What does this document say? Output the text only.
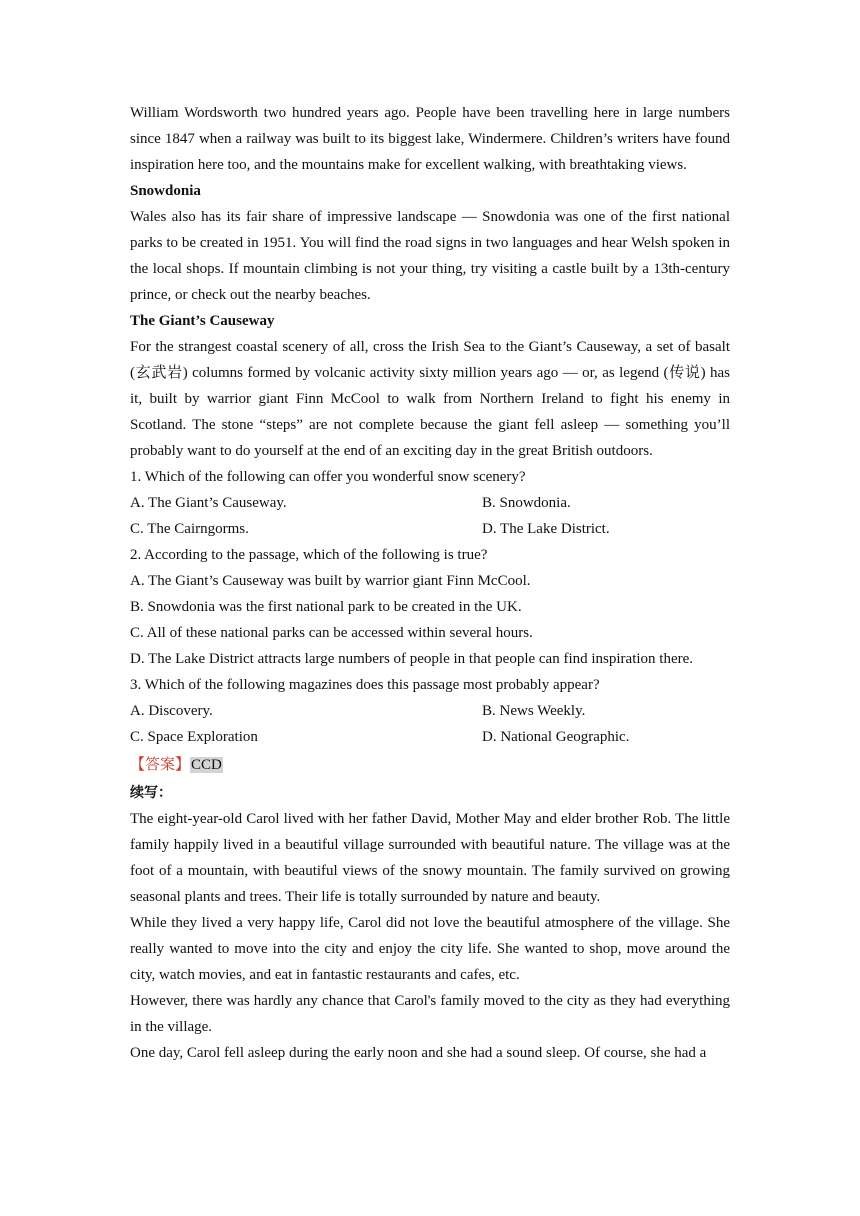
William Wordsworth two hundred years ago. People have been travelling here in large numbers since 1847 when a railway was built to its biggest lake, Windermere. Children’s writers have found inspiration here too, and the mountains make for excellent walking, with breathtaking views.

Snowdonia

Wales also has its fair share of impressive landscape — Snowdonia was one of the first national parks to be created in 1951. You will find the road signs in two languages and hear Welsh spoken in the local shops. If mountain climbing is not your thing, try visiting a castle built by a 13th-century prince, or check out the nearby beaches.

The Giant’s Causeway

For the strangest coastal scenery of all, cross the Irish Sea to the Giant’s Causeway, a set of basalt (玄武岩) columns formed by volcanic activity sixty million years ago — or, as legend (传说) has it, built by warrior giant Finn McCool to walk from Northern Ireland to fight his enemy in Scotland. The stone “steps” are not complete because the giant fell asleep — something you’ll probably want to do yourself at the end of an exciting day in the great British outdoors.

1. Which of the following can offer you wonderful snow scenery?

A. The Giant’s Causeway.	B. Snowdonia.
C. The Cairngorms.	D. The Lake District.

2. According to the passage, which of the following is true?

A. The Giant’s Causeway was built by warrior giant Finn McCool.

B. Snowdonia was the first national park to be created in the UK.

C. All of these national parks can be accessed within several hours.

D. The Lake District attracts large numbers of people in that people can find inspiration there.

3. Which of the following magazines does this passage most probably appear?

A. Discovery.	B. News Weekly.
C. Space Exploration	D. National Geographic.
【答案】CCD

续写：

The eight-year-old Carol lived with her father David, Mother May and elder brother Rob. The little family happily lived in a beautiful village surrounded with beautiful nature. The village was at the foot of a mountain, with beautiful views of the snowy mountain. The family survived on growing seasonal plants and trees. Their life is totally surrounded by nature and beauty.

While they lived a very happy life, Carol did not love the beautiful atmosphere of the village. She really wanted to move into the city and enjoy the city life. She wanted to shop, move around the city, watch movies, and eat in fantastic restaurants and cafes, etc.

However, there was hardly any chance that Carol's family moved to the city as they had everything in the village.

One day, Carol fell asleep during the early noon and she had a sound sleep. Of course, she had a
